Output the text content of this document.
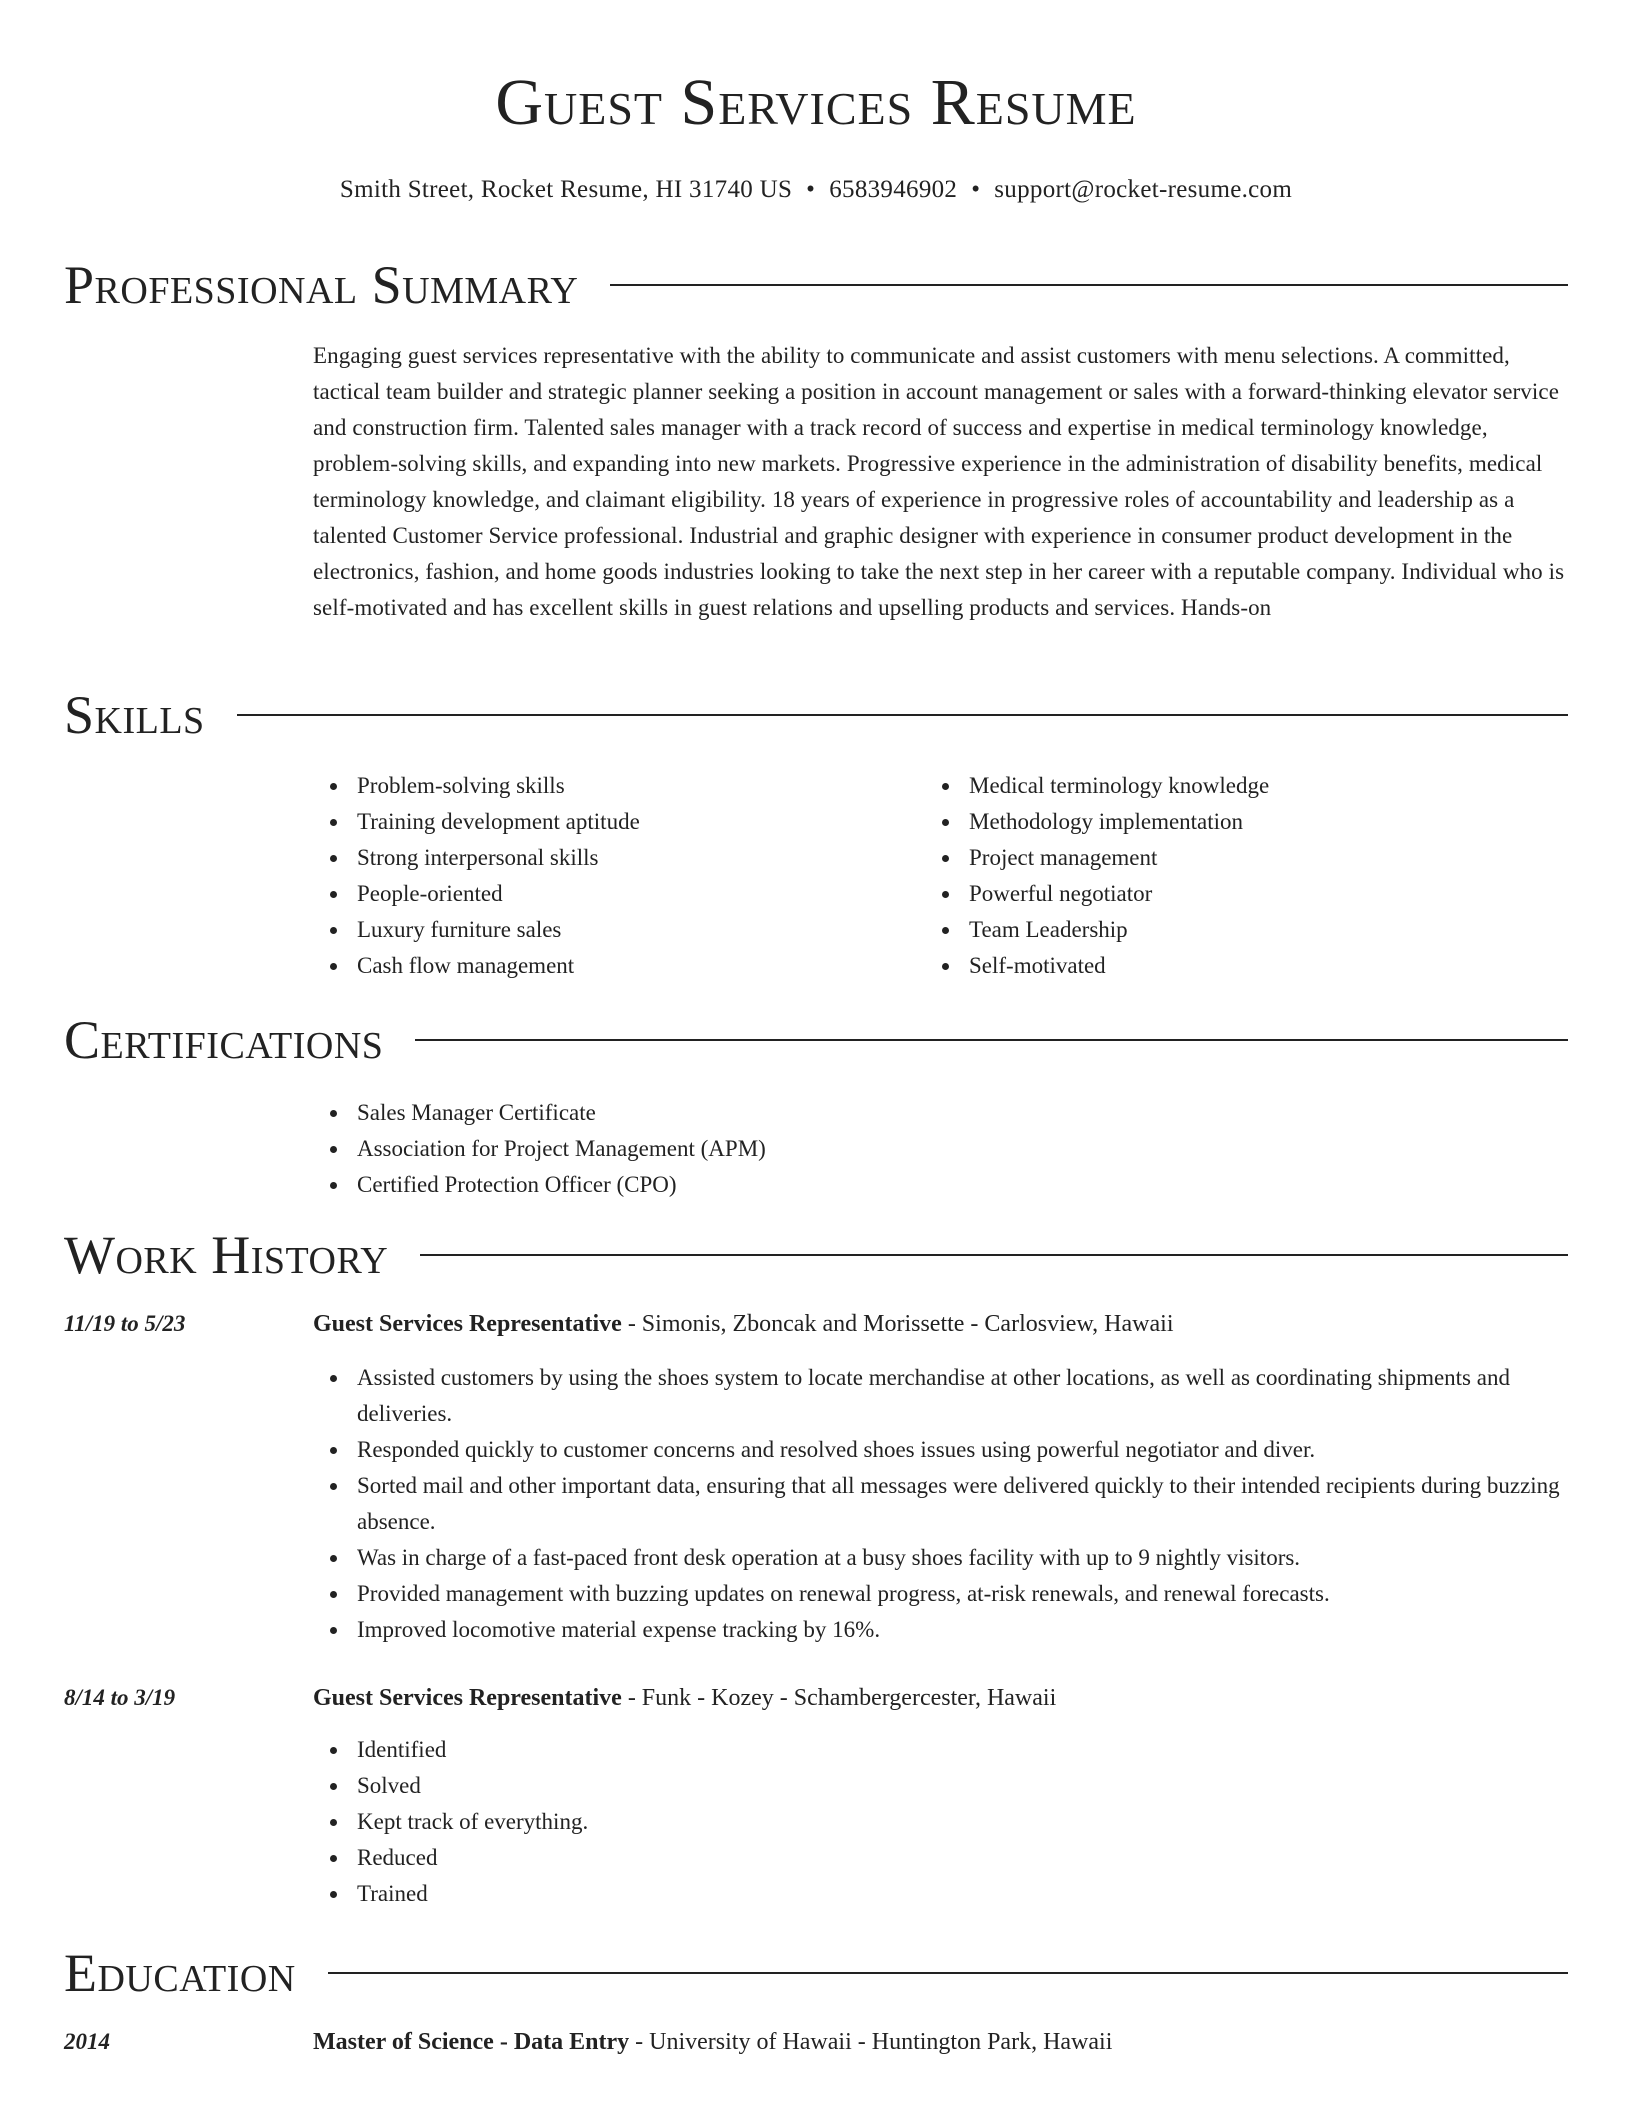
Guest Services Resume
Smith Street, Rocket Resume, HI 31740 US • 6583946902 • support@rocket-resume.com
Professional Summary
Engaging guest services representative with the ability to communicate and assist customers with menu selections. A committed, tactical team builder and strategic planner seeking a position in account management or sales with a forward-thinking elevator service and construction firm. Talented sales manager with a track record of success and expertise in medical terminology knowledge, problem-solving skills, and expanding into new markets. Progressive experience in the administration of disability benefits, medical terminology knowledge, and claimant eligibility. 18 years of experience in progressive roles of accountability and leadership as a talented Customer Service professional. Industrial and graphic designer with experience in consumer product development in the electronics, fashion, and home goods industries looking to take the next step in her career with a reputable company. Individual who is self-motivated and has excellent skills in guest relations and upselling products and services. Hands-on
Skills
Problem-solving skills
Training development aptitude
Strong interpersonal skills
People-oriented
Luxury furniture sales
Cash flow management
Medical terminology knowledge
Methodology implementation
Project management
Powerful negotiator
Team Leadership
Self-motivated
Certifications
Sales Manager Certificate
Association for Project Management (APM)
Certified Protection Officer (CPO)
Work History
11/19 to 5/23	Guest Services Representative - Simonis, Zboncak and Morissette - Carlosview, Hawaii
Assisted customers by using the shoes system to locate merchandise at other locations, as well as coordinating shipments and deliveries.
Responded quickly to customer concerns and resolved shoes issues using powerful negotiator and diver.
Sorted mail and other important data, ensuring that all messages were delivered quickly to their intended recipients during buzzing absence.
Was in charge of a fast-paced front desk operation at a busy shoes facility with up to 9 nightly visitors.
Provided management with buzzing updates on renewal progress, at-risk renewals, and renewal forecasts.
Improved locomotive material expense tracking by 16%.
8/14 to 3/19	Guest Services Representative - Funk - Kozey - Schambergercester, Hawaii
Identified
Solved
Kept track of everything.
Reduced
Trained
Education
2014	Master of Science - Data Entry - University of Hawaii - Huntington Park, Hawaii
